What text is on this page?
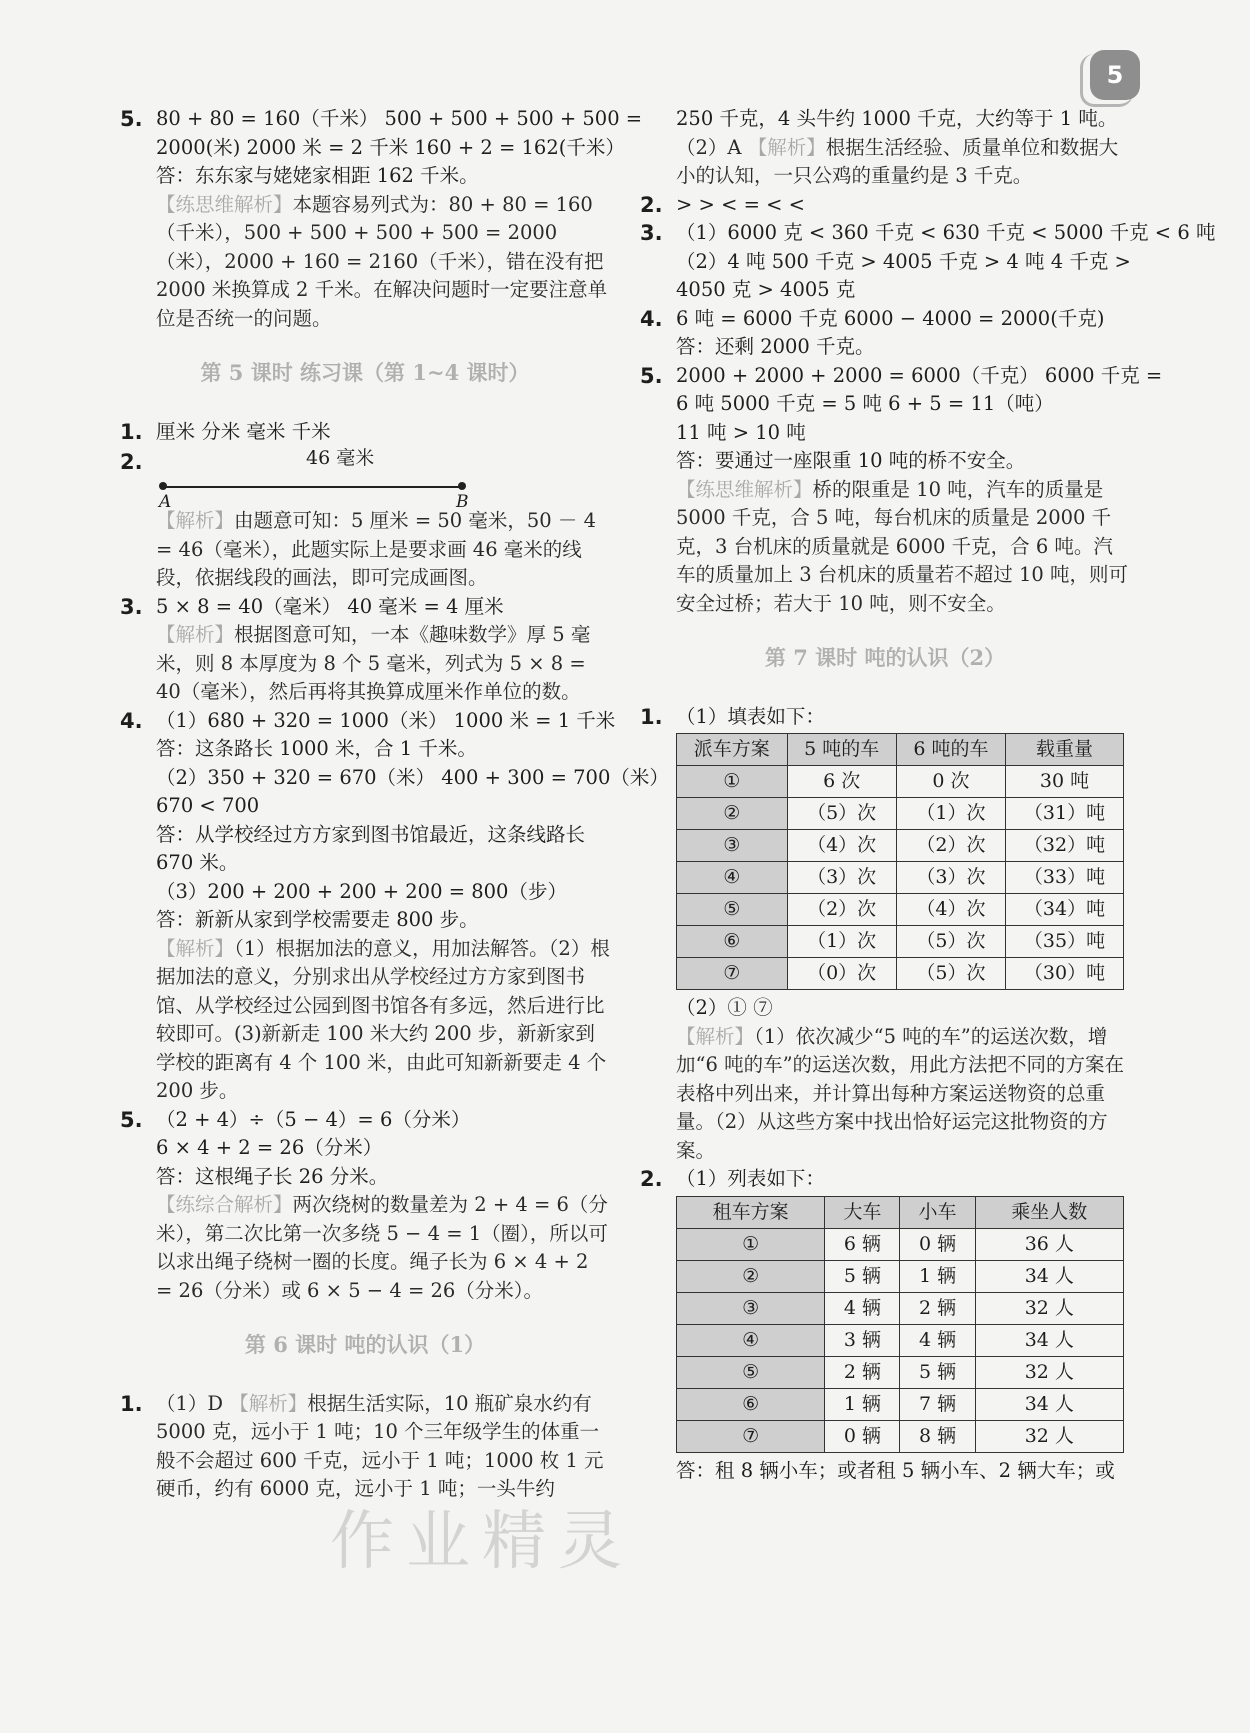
5
5. 80 + 80 = 160（千米） 500 + 500 + 500 + 500 =
2000(米) 2000 米 = 2 千米 160 + 2 = 162(千米）
答：东东家与姥姥家相距 162 千米。
【练思维解析】本题容易列式为：80 + 80 = 160（千米），500 + 500 + 500 + 500 = 2000（米），2000 + 160 = 2160（千米），错在没有把 2000 米换算成 2 千米。在解决问题时一定要注意单位是否统一的问题。
第 5 课时 练习课（第 1~4 课时）
1. 厘米 分米 毫米 千米
2.	46 毫米
A	B
【解析】由题意可知：5 厘米 = 50 毫米，50 － 4 = 46（毫米），此题实际上是要求画 46 毫米的线段，依据线段的画法，即可完成画图。
3. 5 × 8 = 40（毫米） 40 毫米 = 4 厘米
【解析】根据图意可知，一本《趣味数学》厚 5 毫米，则 8 本厚度为 8 个 5 毫米，列式为 5 × 8 = 40（毫米），然后再将其换算成厘米作单位的数。
4. （1）680 + 320 = 1000（米） 1000 米 = 1 千米
答：这条路长 1000 米，合 1 千米。
（2）350 + 320 = 670（米） 400 + 300 = 700（米）
670 < 700
答：从学校经过方方家到图书馆最近，这条线路长 670 米。
（3）200 + 200 + 200 + 200 = 800（步）
答：新新从家到学校需要走 800 步。
【解析】（1）根据加法的意义，用加法解答。（2）根据加法的意义，分别求出从学校经过方方家到图书馆、从学校经过公园到图书馆各有多远，然后进行比较即可。(3)新新走 100 米大约 200 步，新新家到学校的距离有 4 个 100 米，由此可知新新要走 4 个 200 步。
5. （2 + 4）÷（5 − 4）= 6（分米）
6 × 4 + 2 = 26（分米）
答：这根绳子长 26 分米。
【练综合解析】两次绕树的数量差为 2 + 4 = 6（分米），第二次比第一次多绕 5 − 4 = 1（圈），所以可以求出绳子绕树一圈的长度。绳子长为 6 × 4 + 2 = 26（分米）或 6 × 5 − 4 = 26（分米）。
第 6 课时 吨的认识（1）
1. （1）D 【解析】根据生活实际，10 瓶矿泉水约有 5000 克，远小于 1 吨；10 个三年级学生的体重一般不会超过 600 千克，远小于 1 吨；1000 枚 1 元硬币，约有 6000 克，远小于 1 吨；一头牛约
250 千克，4 头牛约 1000 千克，大约等于 1 吨。
（2）A 【解析】根据生活经验、质量单位和数据大小的认知，一只公鸡的重量约是 3 千克。
2. > > < = < <
3. （1）6000 克 < 360 千克 < 630 千克 < 5000 千克 < 6 吨
（2）4 吨 500 千克 > 4005 千克 > 4 吨 4 千克 >
4050 克 > 4005 克
4. 6 吨 = 6000 千克 6000 − 4000 = 2000(千克)
答：还剩 2000 千克。
5. 2000 + 2000 + 2000 = 6000（千克） 6000 千克 =
6 吨 5000 千克 = 5 吨 6 + 5 = 11（吨）
11 吨 > 10 吨
答：要通过一座限重 10 吨的桥不安全。
【练思维解析】桥的限重是 10 吨，汽车的质量是 5000 千克，合 5 吨，每台机床的质量是 2000 千克，3 台机床的质量就是 6000 千克，合 6 吨。汽车的质量加上 3 台机床的质量若不超过 10 吨，则可安全过桥；若大于 10 吨，则不安全。
第 7 课时 吨的认识（2）
1. （1）填表如下：
派车方案	5 吨的车	6 吨的车	载重量
①	6 次	0 次	30 吨
②	（5）次	（1）次	（31）吨
③	（4）次	（2）次	（32）吨
④	（3）次	（3）次	（33）吨
⑤	（2）次	（4）次	（34）吨
⑥	（1）次	（5）次	（35）吨
⑦	（0）次	（5）次	（30）吨
（2）① ⑦
【解析】（1）依次减少“5 吨的车”的运送次数，增加“6 吨的车”的运送次数，用此方法把不同的方案在表格中列出来，并计算出每种方案运送物资的总重量。（2）从这些方案中找出恰好运完这批物资的方案。
2. （1）列表如下：
租车方案	大车	小车	乘坐人数
①	6 辆	0 辆	36 人
②	5 辆	1 辆	34 人
③	4 辆	2 辆	32 人
④	3 辆	4 辆	34 人
⑤	2 辆	5 辆	32 人
⑥	1 辆	7 辆	34 人
⑦	0 辆	8 辆	32 人
答：租 8 辆小车；或者租 5 辆小车、2 辆大车；或
作业精灵
